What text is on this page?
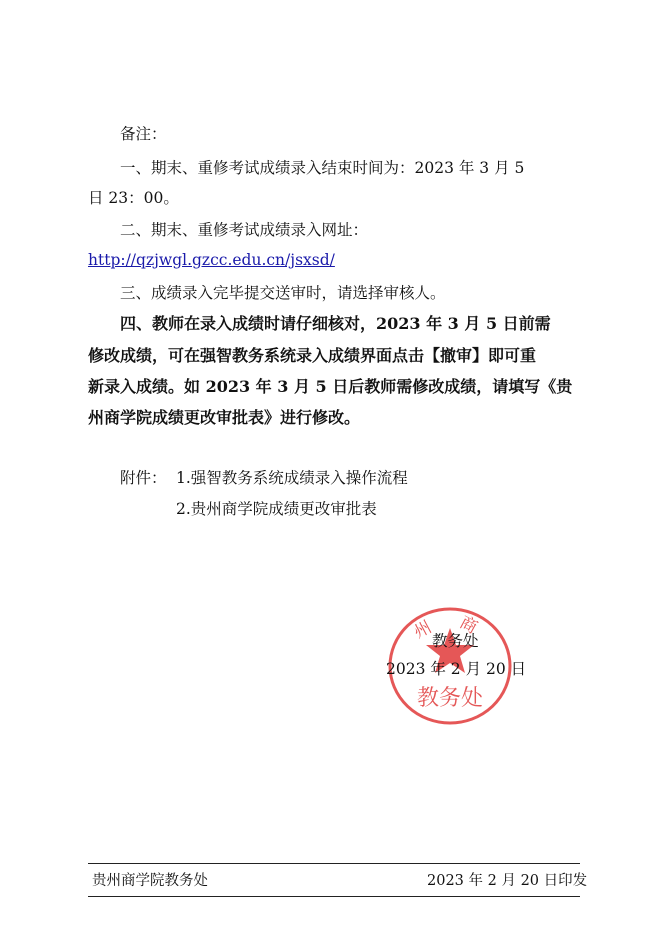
备注：
一、期末、重修考试成绩录入结束时间为：2023 年 3 月 5
日 23：00。
二、期末、重修考试成绩录入网址：
http://qzjwgl.gzcc.edu.cn/jsxsd/
三、成绩录入完毕提交送审时，请选择审核人。
四、教师在录入成绩时请仔细核对，2023 年 3 月 5 日前需
修改成绩，可在强智教务系统录入成绩界面点击【撤审】即可重
新录入成绩。如 2023 年 3 月 5 日后教师需修改成绩，请填写《贵
州商学院成绩更改审批表》进行修改。
附件： 1.强智教务系统成绩录入操作流程
2.贵州商学院成绩更改审批表
州 商
教务处
教务处
2023 年 2 月 20 日
贵州商学院教务处	2023 年 2 月 20 日印发
